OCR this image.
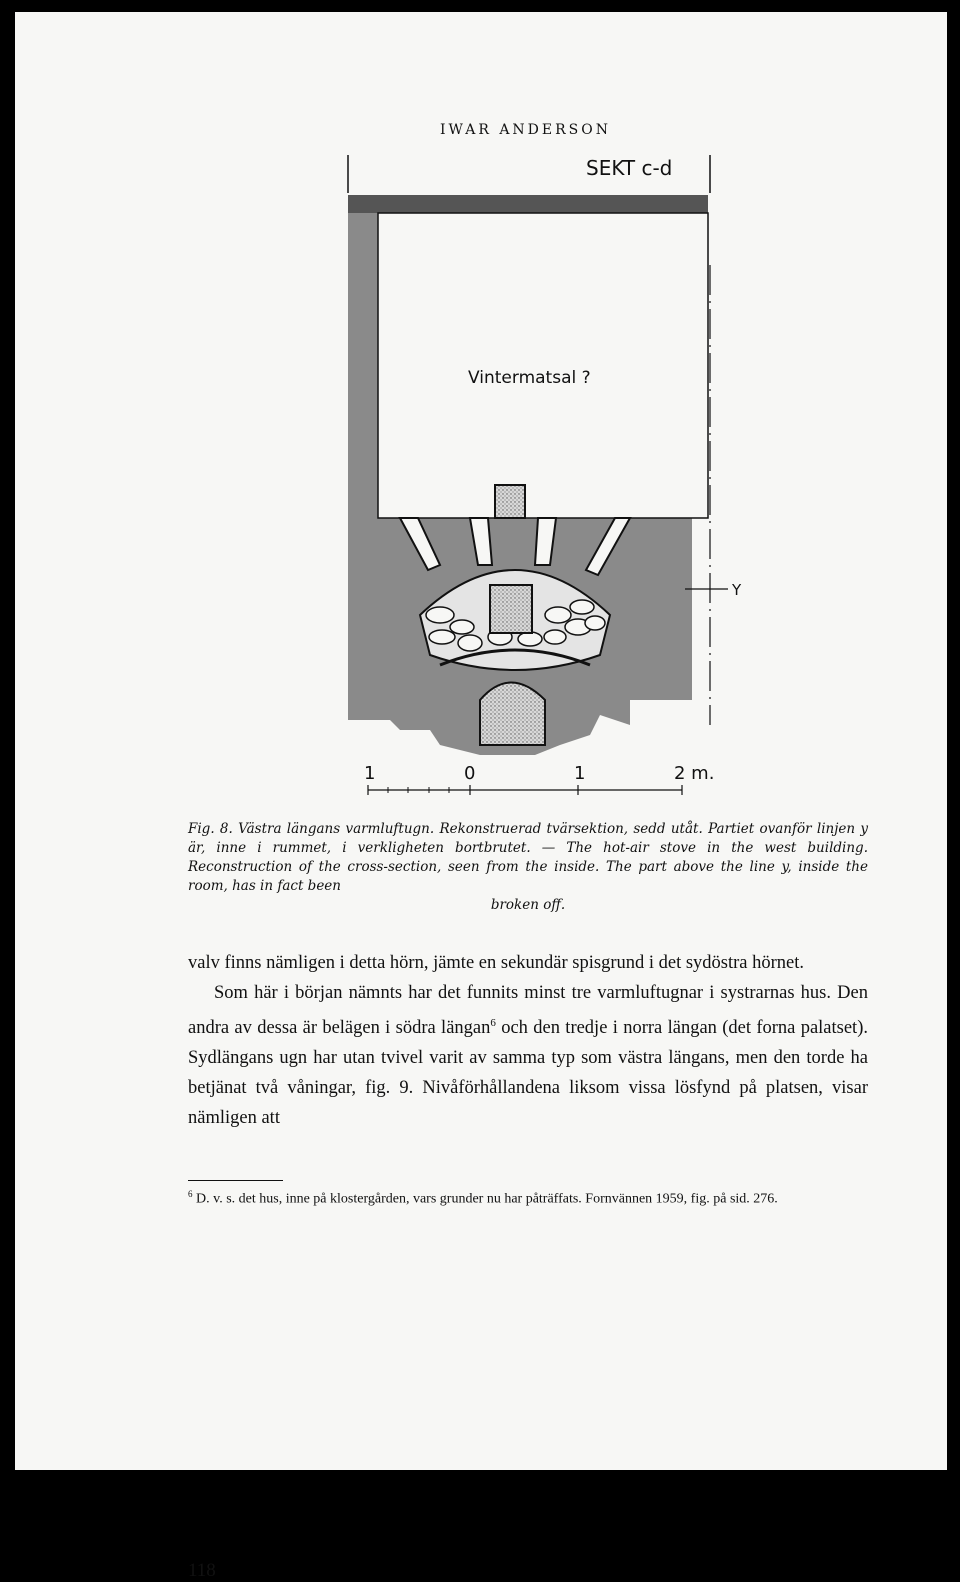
IWAR ANDERSON
SEKT c-d
Vintermatsal ?
Y
1	0	1	2 m.
Fig. 8. Västra längans varmluftugn. Rekonstruerad tvärsektion, sedd utåt. Partiet ovanför linjen y är, inne i rummet, i verkligheten bortbrutet. — The hot-air stove in the west building. Reconstruction of the cross-section, seen from the inside. The part above the line y, inside the room, has in fact been
broken off.

valv finns nämligen i detta hörn, jämte en sekundär spisgrund i det sydöstra hörnet.

Som här i början nämnts har det funnits minst tre varmluftugnar i systrarnas hus. Den andra av dessa är belägen i södra längan$^6$ och den tredje i norra längan (det forna palatset). Sydlängans ugn har utan tvivel varit av samma typ som västra längans, men den torde ha betjänat två våningar, fig. 9. Nivåförhållandena liksom vissa lösfynd på platsen, visar nämligen att

$^6$ D. v. s. det hus, inne på klostergården, vars grunder nu har påträffats. Fornvännen 1959, fig. på sid. 276.
118
